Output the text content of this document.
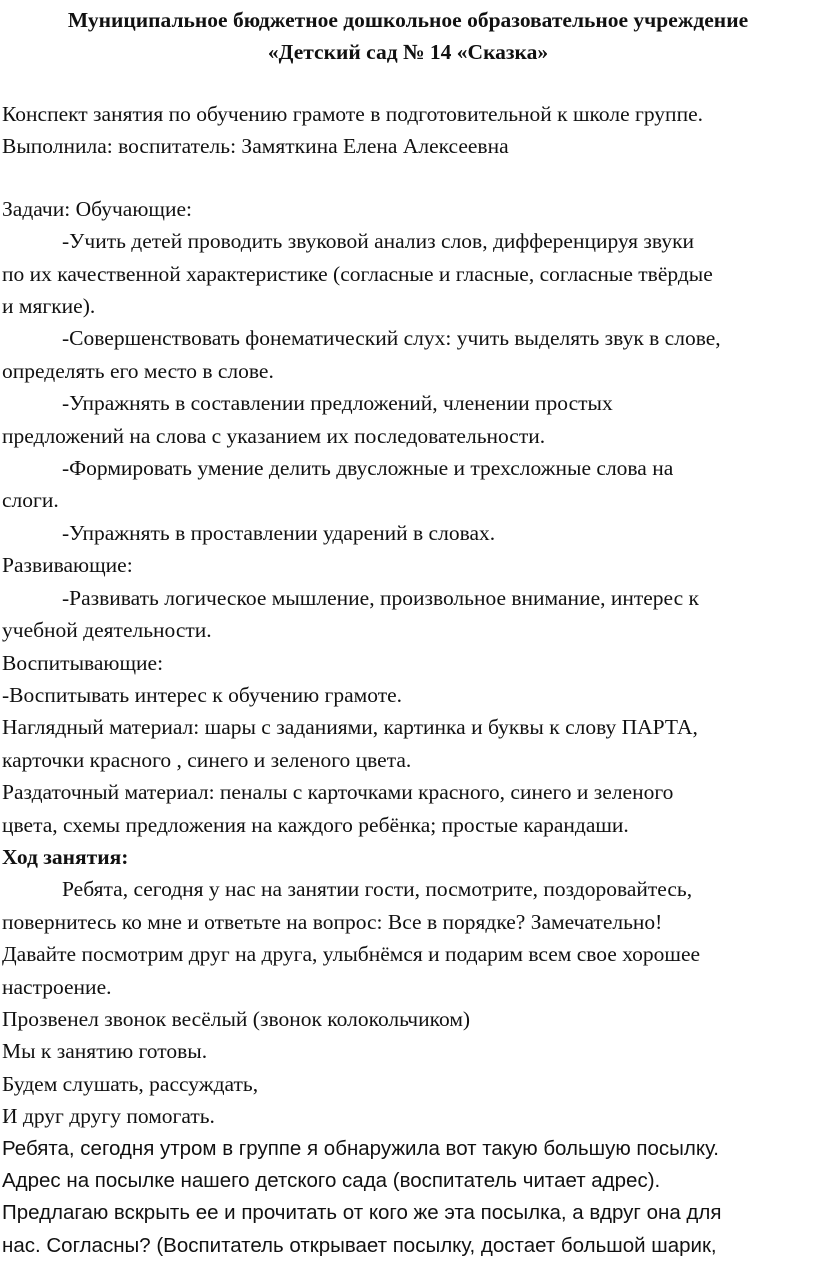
Муниципальное бюджетное дошкольное образовательное учреждение
«Детский сад № 14 «Сказка»
Конспект занятия по обучению грамоте в подготовительной к школе группе.
Выполнила: воспитатель: Замяткина Елена Алексеевна
Задачи: Обучающие:
-Учить детей проводить звуковой анализ слов, дифференцируя звуки
по их качественной характеристике (согласные и гласные, согласные твёрдые
и мягкие).
-Совершенствовать фонематический слух: учить выделять звук в слове,
определять его место в слове.
-Упражнять в составлении предложений, членении простых
предложений на слова с указанием их последовательности.
-Формировать умение делить двусложные и трехсложные слова на
слоги.
-Упражнять в проставлении ударений в словах.
Развивающие:
-Развивать логическое мышление, произвольное внимание, интерес к
учебной деятельности.
Воспитывающие:
-Воспитывать интерес к обучению грамоте.
Наглядный материал: шары с заданиями, картинка и буквы к слову ПАРТА,
карточки красного , синего и зеленого цвета.
Раздаточный материал: пеналы с карточками красного, синего и зеленого
цвета, схемы предложения на каждого ребёнка; простые карандаши.
Ход занятия:
Ребята, сегодня у нас на занятии гости, посмотрите, поздоровайтесь,
повернитесь ко мне и ответьте на вопрос: Все в порядке? Замечательно!
Давайте посмотрим друг на друга, улыбнёмся и подарим всем свое хорошее
настроение.
Прозвенел звонок весёлый (звонок колокольчиком)
Мы к занятию готовы.
Будем слушать, рассуждать,
И друг другу помогать.
Ребята, сегодня утром в группе я обнаружила вот такую большую посылку.
Адрес на посылке нашего детского сада (воспитатель читает адрес).
Предлагаю вскрыть ее и прочитать от кого же эта посылка, а вдруг она для
нас. Согласны? (Воспитатель открывает посылку, достает большой шарик,
